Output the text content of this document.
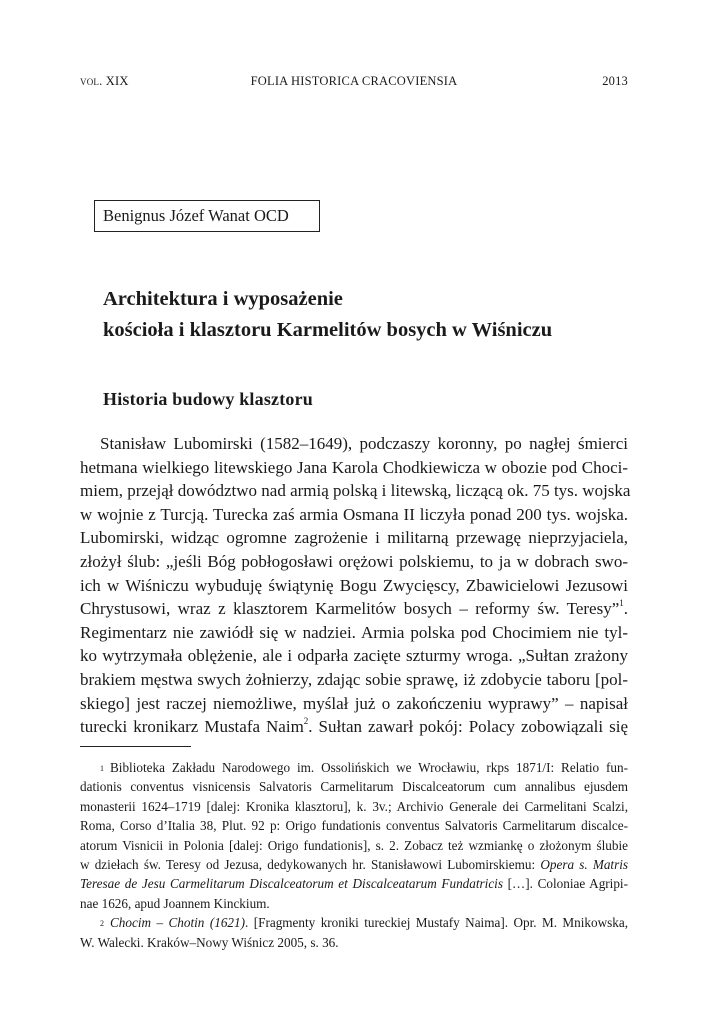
vol. XIX	FOLIA HISTORICA CRACOVIENSIA	2013
Benignus Józef Wanat OCD
Architektura i wyposażenie
kościoła i klasztoru Karmelitów bosych w Wiśniczu
Historia budowy klasztoru
Stanisław Lubomirski (1582–1649), podczaszy koronny, po nagłej śmierci
hetmana wielkiego litewskiego Jana Karola Chodkiewicza w obozie pod Choci-
miem, przejął dowództwo nad armią polską i litewską, liczącą ok. 75 tys. wojska
w wojnie z Turcją. Turecka zaś armia Osmana II liczyła ponad 200 tys. wojska.
Lubomirski, widząc ogromne zagrożenie i militarną przewagę nieprzyjaciela,
złożył ślub: „jeśli Bóg pobłogosławi orężowi polskiemu, to ja w dobrach swo-
ich w Wiśniczu wybuduję świątynię Bogu Zwycięscy, Zbawicielowi Jezusowi
Chrystusowi, wraz z klasztorem Karmelitów bosych – reformy św. Teresy”$^1$.
Regimentarz nie zawiódł się w nadziei. Armia polska pod Chocimiem nie tyl-
ko wytrzymała oblężenie, ale i odparła zacięte szturmy wroga. „Sułtan zrażony
brakiem męstwa swych żołnierzy, zdając sobie sprawę, iż zdobycie taboru [pol-
skiego] jest raczej niemożliwe, myślał już o zakończeniu wyprawy” – napisał
turecki kronikarz Mustafa Naim$^2$. Sułtan zawarł pokój: Polacy zobowiązali się
$^1$ Biblioteka Zakładu Narodowego im. Ossolińskich we Wrocławiu, rkps 1871/I: Relatio fun-
dationis conventus visnicensis Salvatoris Carmelitarum Discalceatorum cum annalibus ejusdem
monasterii 1624–1719 [dalej: Kronika klasztoru], k. 3v.; Archivio Generale dei Carmelitani Scalzi,
Roma, Corso d’Italia 38, Plut. 92 p: Origo fundationis conventus Salvatoris Carmelitarum discalce-
atorum Visnicii in Polonia [dalej: Origo fundationis], s. 2. Zobacz też wzmiankę o złożonym ślubie
w dziełach św. Teresy od Jezusa, dedykowanych hr. Stanisławowi Lubomirskiemu: Opera s. Matris
Teresae de Jesu Carmelitarum Discalceatorum et Discalceatarum Fundatricis […]. Coloniae Agripi-
nae 1626, apud Joannem Kinckium.
$^2$ Chocim – Chotin (1621). [Fragmenty kroniki tureckiej Mustafy Naima]. Opr. M. Mnikowska,
W. Walecki. Kraków–Nowy Wiśnicz 2005, s. 36.
